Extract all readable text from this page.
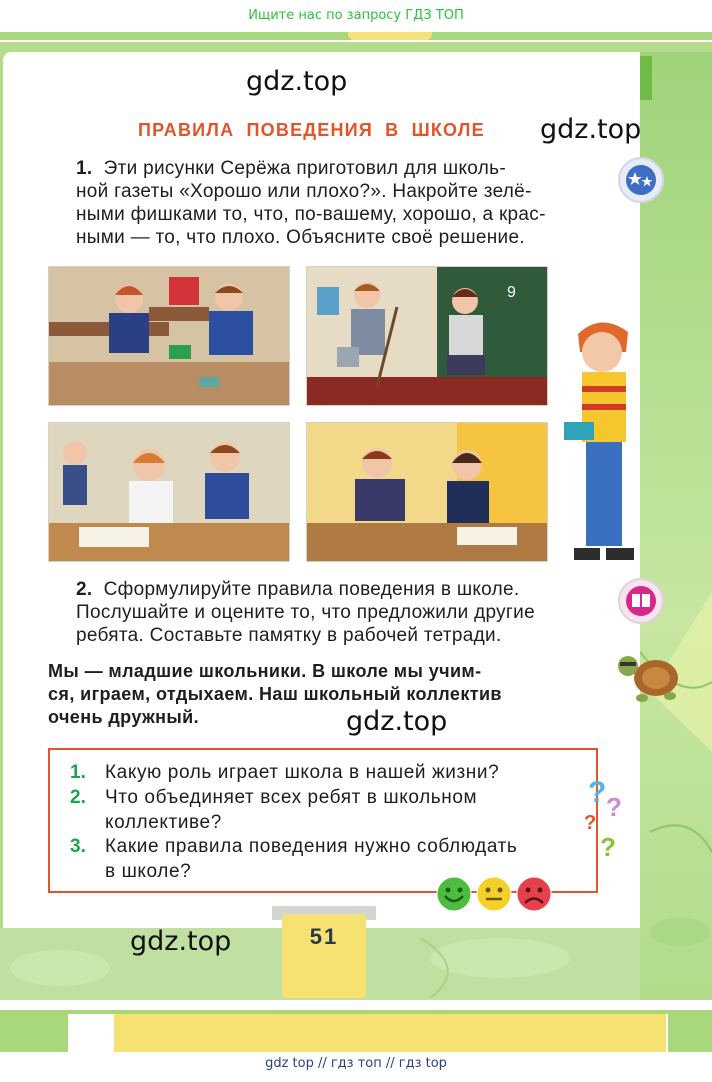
Ищите нас по запросу ГДЗ ТОП
gdz.top
gdz.top
gdz.top
gdz.top
ПРАВИЛА ПОВЕДЕНИЯ В ШКОЛЕ
1. Эти рисунки Серёжа приготовил для школь-
ной газеты «Хорошо или плохо?». Накройте зелё-
ными фишками то, что, по-вашему, хорошо, а крас-
ными — то, что плохо. Объясните своё решение.
9
2. Сформулируйте правила поведения в школе.
Послушайте и оцените то, что предложили другие
ребята. Составьте памятку в рабочей тетради.
Мы — младшие школьники. В школе мы учим-
ся, играем, отдыхаем. Наш школьный коллектив
очень дружный.
1. Какую роль играет школа в нашей жизни?
2. Что объединяет всех ребят в школьном
коллективе?
3. Какие правила поведения нужно соблюдать
в школе?
? ?
?
?
51
gdz top // гдз топ // гдз top
